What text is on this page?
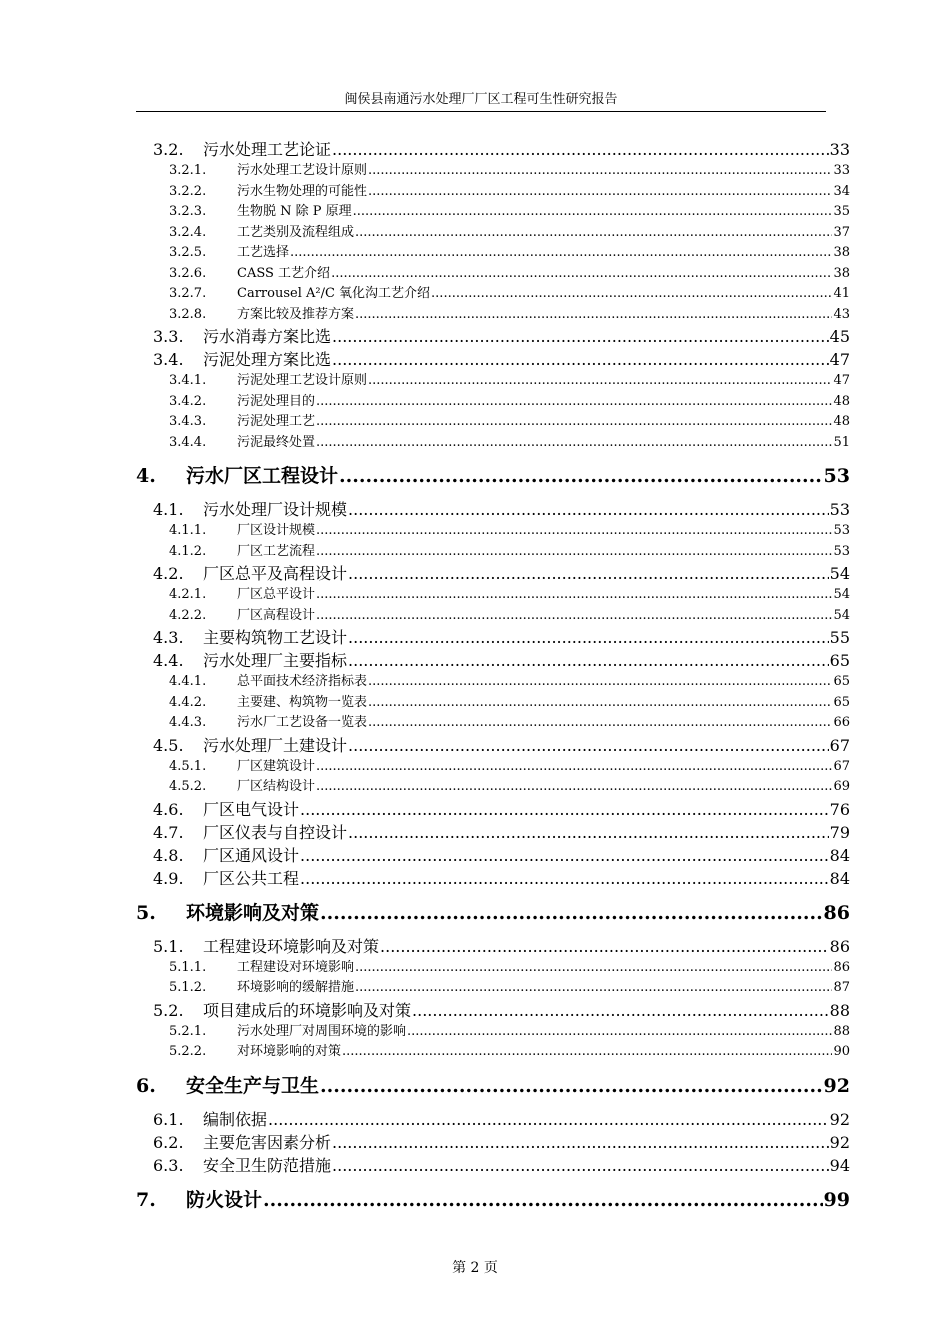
闽侯县南通污水处理厂厂区工程可生性研究报告
3.2.	污水处理工艺论证 .....	33
3.2.1.	污水处理工艺设计原则 .....	33
3.2.2.	污水生物处理的可能性 .....	34
3.2.3.	生物脱 N 除 P 原理 .....	35
3.2.4.	工艺类别及流程组成 .....	37
3.2.5.	工艺选择 .....	38
3.2.6.	CASS 工艺介绍 .....	38
3.2.7.	Carrousel A²/C 氧化沟工艺介绍 .....	41
3.2.8.	方案比较及推荐方案 .....	43
3.3.	污水消毒方案比选 .....	45
3.4.	污泥处理方案比选 .....	47
3.4.1.	污泥处理工艺设计原则 .....	47
3.4.2.	污泥处理目的 .....	48
3.4.3.	污泥处理工艺 .....	48
3.4.4.	污泥最终处置 .....	51
4.	污水厂区工程设计 .....	53
4.1.	污水处理厂设计规模 .....	53
4.1.1.	厂区设计规模 .....	53
4.1.2.	厂区工艺流程 .....	53
4.2.	厂区总平及高程设计 .....	54
4.2.1.	厂区总平设计 .....	54
4.2.2.	厂区高程设计 .....	54
4.3.	主要构筑物工艺设计 .....	55
4.4.	污水处理厂主要指标 .....	65
4.4.1.	总平面技术经济指标表 .....	65
4.4.2.	主要建、构筑物一览表 .....	65
4.4.3.	污水厂工艺设备一览表 .....	66
4.5.	污水处理厂土建设计 .....	67
4.5.1.	厂区建筑设计 .....	67
4.5.2.	厂区结构设计 .....	69
4.6.	厂区电气设计 .....	76
4.7.	厂区仪表与自控设计 .....	79
4.8.	厂区通风设计 .....	84
4.9.	厂区公共工程 .....	84
5.	环境影响及对策 .....	86
5.1.	工程建设环境影响及对策 .....	86
5.1.1.	工程建设对环境影响 .....	86
5.1.2.	环境影响的缓解措施 .....	87
5.2.	项目建成后的环境影响及对策 .....	88
5.2.1.	污水处理厂对周围环境的影响 .....	88
5.2.2.	对环境影响的对策 .....	90
6.	安全生产与卫生 .....	92
6.1.	编制依据 .....	92
6.2.	主要危害因素分析 .....	92
6.3.	安全卫生防范措施 .....	94
7.	防火设计 .....	99
第 2 页
